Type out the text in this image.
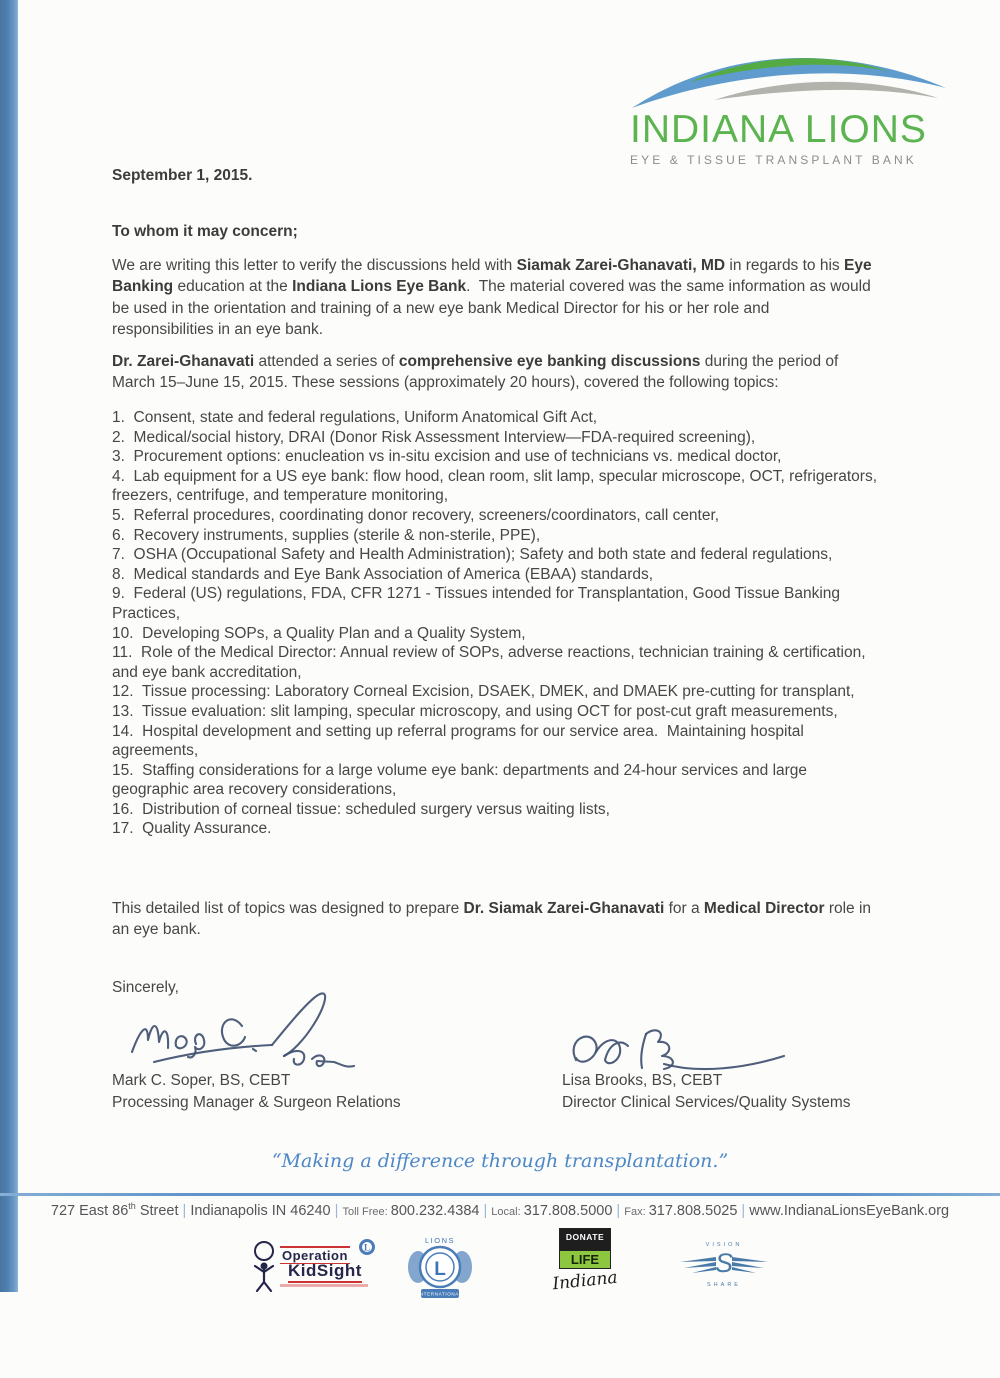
INDIANA LIONS
EYE & TISSUE TRANSPLANT BANK
September 1, 2015.
To whom it may concern;
We are writing this letter to verify the discussions held with Siamak Zarei-Ghanavati, MD in regards to his Eye Banking education at the Indiana Lions Eye Bank.  The material covered was the same information as would be used in the orientation and training of a new eye bank Medical Director for his or her role and responsibilities in an eye bank.
Dr. Zarei-Ghanavati attended a series of comprehensive eye banking discussions during the period of March 15–June 15, 2015. These sessions (approximately 20 hours), covered the following topics:
1.  Consent, state and federal regulations, Uniform Anatomical Gift Act,
2.  Medical/social history, DRAI (Donor Risk Assessment Interview—FDA-required screening),
3.  Procurement options: enucleation vs in-situ excision and use of technicians vs. medical doctor,
4.  Lab equipment for a US eye bank: flow hood, clean room, slit lamp, specular microscope, OCT, refrigerators, freezers, centrifuge, and temperature monitoring,
5.  Referral procedures, coordinating donor recovery, screeners/coordinators, call center,
6.  Recovery instruments, supplies (sterile & non-sterile, PPE),
7.  OSHA (Occupational Safety and Health Administration); Safety and both state and federal regulations,
8.  Medical standards and Eye Bank Association of America (EBAA) standards,
9.  Federal (US) regulations, FDA, CFR 1271 - Tissues intended for Transplantation, Good Tissue Banking Practices,
10.  Developing SOPs, a Quality Plan and a Quality System,
11.  Role of the Medical Director: Annual review of SOPs, adverse reactions, technician training & certification, and eye bank accreditation,
12.  Tissue processing: Laboratory Corneal Excision, DSAEK, DMEK, and DMAEK pre-cutting for transplant,
13.  Tissue evaluation: slit lamping, specular microscopy, and using OCT for post-cut graft measurements,
14.  Hospital development and setting up referral programs for our service area.  Maintaining hospital agreements,
15.  Staffing considerations for a large volume eye bank: departments and 24-hour services and large geographic area recovery considerations,
16.  Distribution of corneal tissue: scheduled surgery versus waiting lists,
17.  Quality Assurance.
This detailed list of topics was designed to prepare Dr. Siamak Zarei-Ghanavati for a Medical Director role in an eye bank.
Sincerely,
Mark C. Soper, BS, CEBT
Processing Manager & Surgeon Relations
Lisa Brooks, BS, CEBT
Director Clinical Services/Quality Systems
“Making a difference through transplantation.”
727 East 86th Street | Indianapolis IN 46240 | Toll Free: 800.232.4384 | Local: 317.808.5000 | Fax: 317.808.5025 | www.IndianaLionsEyeBank.org
L
Operation
KidSight	L
LIONS
INTERNATIONAL
DONATE
LIFE
Indiana
S
VISION
SHARE
